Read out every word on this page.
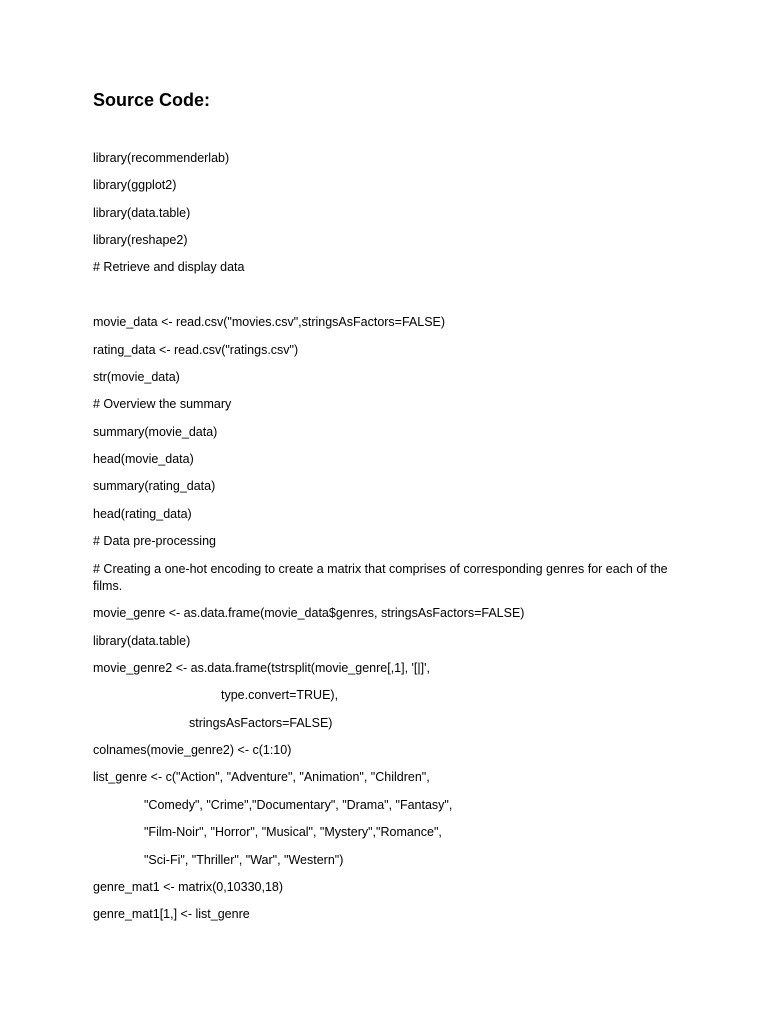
Source Code:
library(recommenderlab)
library(ggplot2)
library(data.table)
library(reshape2)
# Retrieve and display data
movie_data <- read.csv("movies.csv",stringsAsFactors=FALSE)
rating_data <- read.csv("ratings.csv")
str(movie_data)
# Overview the summary
summary(movie_data)
head(movie_data)
summary(rating_data)
head(rating_data)
# Data pre-processing
# Creating a one-hot encoding to create a matrix that comprises of corresponding genres for each of the films.
movie_genre <- as.data.frame(movie_data$genres, stringsAsFactors=FALSE)
library(data.table)
movie_genre2 <- as.data.frame(tstrsplit(movie_genre[,1], '[|]',
type.convert=TRUE),
stringsAsFactors=FALSE)
colnames(movie_genre2) <- c(1:10)
list_genre <- c("Action", "Adventure", "Animation", "Children",
"Comedy", "Crime","Documentary", "Drama", "Fantasy",
"Film-Noir", "Horror", "Musical", "Mystery","Romance",
"Sci-Fi", "Thriller", "War", "Western")
genre_mat1 <- matrix(0,10330,18)
genre_mat1[1,] <- list_genre
